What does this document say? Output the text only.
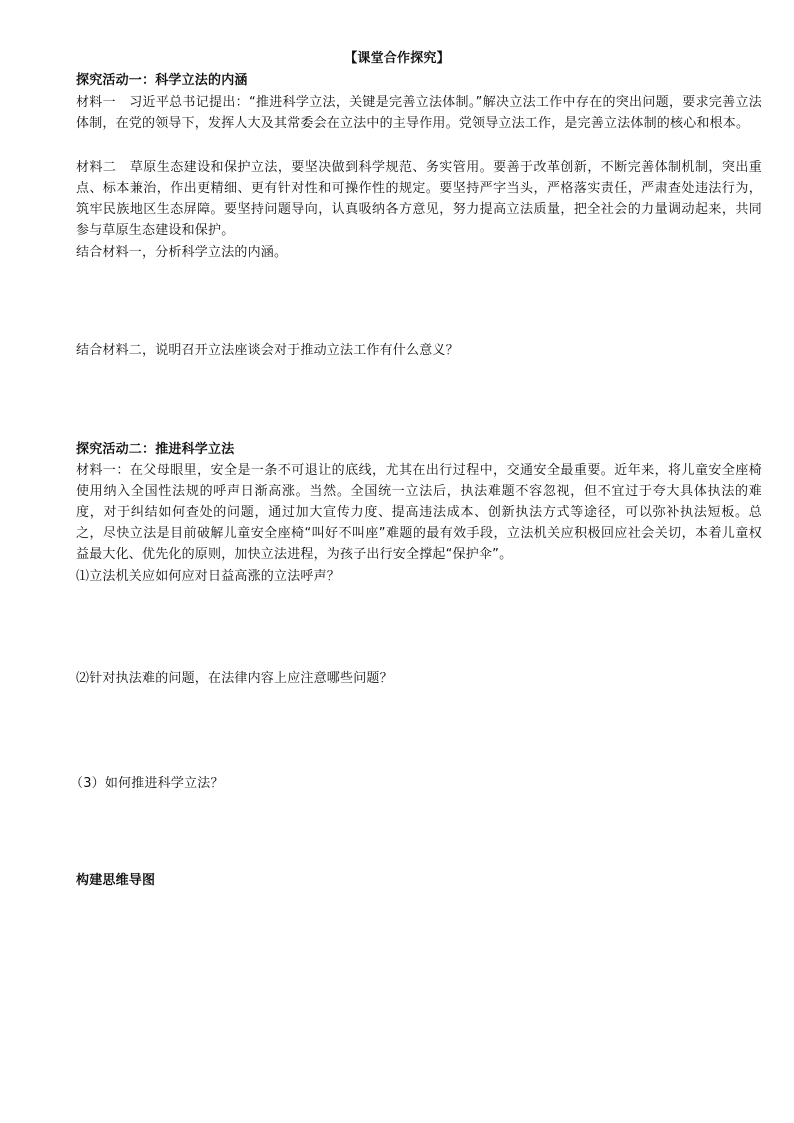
【课堂合作探究】
探究活动一：科学立法的内涵
材料一　习近平总书记提出：“推进科学立法，关键是完善立法体制。”解决立法工作中存在的突出问题，要求完善立法体制，在党的领导下，发挥人大及其常委会在立法中的主导作用。党领导立法工作，是完善立法体制的核心和根本。
材料二　草原生态建设和保护立法，要坚决做到科学规范、务实管用。要善于改革创新，不断完善体制机制，突出重点、标本兼治，作出更精细、更有针对性和可操作性的规定。要坚持严字当头，严格落实责任，严肃查处违法行为，筑牢民族地区生态屏障。要坚持问题导向，认真吸纳各方意见，努力提高立法质量，把全社会的力量调动起来，共同参与草原生态建设和保护。
结合材料一，分析科学立法的内涵。
结合材料二，说明召开立法座谈会对于推动立法工作有什么意义？
探究活动二：推进科学立法
材料一：在父母眼里，安全是一条不可退让的底线，尤其在出行过程中，交通安全最重要。近年来，将儿童安全座椅使用纳入全国性法规的呼声日渐高涨。当然。全国统一立法后，执法难题不容忽视，但不宜过于夸大具体执法的难度，对于纠结如何查处的问题，通过加大宣传力度、提高违法成本、创新执法方式等途径，可以弥补执法短板。总之，尽快立法是目前破解儿童安全座椅“叫好不叫座”难题的最有效手段，立法机关应积极回应社会关切，本着儿童权益最大化、优先化的原则，加快立法进程，为孩子出行安全撑起“保护伞”。
⑴立法机关应如何应对日益高涨的立法呼声？
⑵针对执法难的问题，在法律内容上应注意哪些问题？
（3）如何推进科学立法？
构建思维导图
